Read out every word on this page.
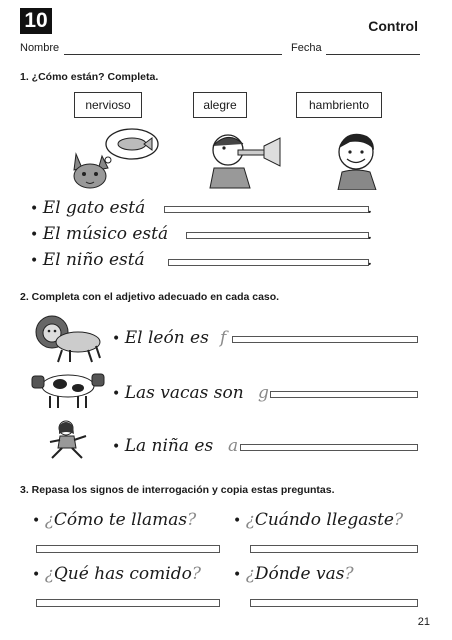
10	Control
Nombre	Fecha
1. ¿Cómo están? Completa.
nervioso	alegre	hambriento
• El gato está	.
• El músico está	.
• El niño está	.
2. Completa con el adjetivo adecuado en cada caso.
• El león es f
• Las vacas son g
• La niña es a
3. Repasa los signos de interrogación y copia estas preguntas.
• ¿Cómo te llamas?	• ¿Cuándo llegaste?
• ¿Qué has comido? • ¿Dónde vas?
21
